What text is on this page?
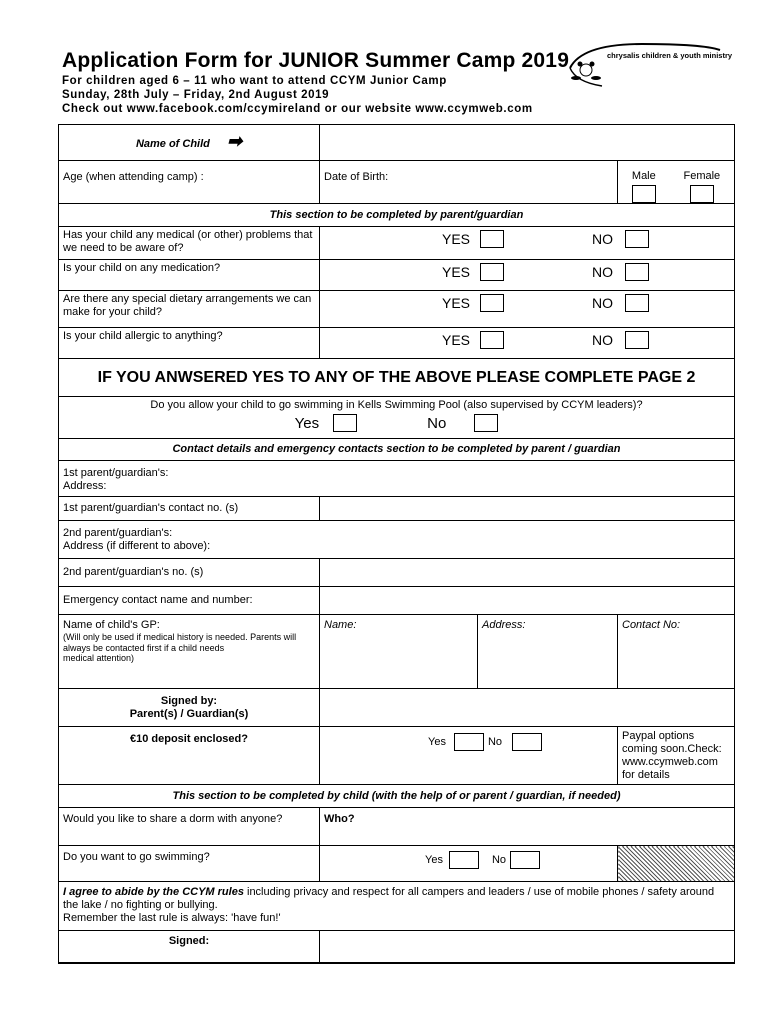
Application Form for JUNIOR Summer Camp 2019
For children aged 6 – 11 who want to attend CCYM Junior Camp
Sunday, 28th July – Friday, 2nd August 2019
Check out www.facebook.com/ccymireland or our website www.ccymweb.com
chrysalis children & youth ministry
Name of Child ➡			

Age (when attending camp) :	Date of Birth:		Male Female

This section to be completed by parent/guardian			
Has your child any medical (or other) problems that we need to be aware of?	YES NO		

Is your child on any medication?	YES NO		

Are there any special dietary arrangements we can make for your child?	YES NO		

Is your child allergic to anything?	YES NO		

IF YOU ANWSERED YES TO ANY OF THE ABOVE PLEASE COMPLETE PAGE 2			

Do you allow your child to go swimming in Kells Swimming Pool (also supervised by CCYM leaders)?
Yes No			

Contact details and emergency contacts section to be completed by parent / guardian			
1st parent/guardian's:
Address:			
1st parent/guardian's contact no. (s)			
2nd parent/guardian's:
Address (if different to above):			
2nd parent/guardian's no. (s)			
Emergency contact name and number:			

Name of child's GP:
(Will only be used if medical history is needed. Parents will always be contacted first if a child needs
medical attention)	Name:	Address:	Contact No:
Signed by:
Parent(s) / Guardian(s)			
€10 deposit enclosed?	Yes No		Paypal options coming soon.Check:
www.ccymweb.com
for details
This section to be completed by child (with the help of or parent / guardian, if needed)			
Would you like to share a dorm with anyone?	Who?		
Do you want to go swimming?	Yes No		

I agree to abide by the CCYM rules including privacy and respect for all campers and leaders / use of mobile phones / safety around the lake / no fighting or bullying.
Remember the last rule is always: 'have fun!'			

Signed:			
